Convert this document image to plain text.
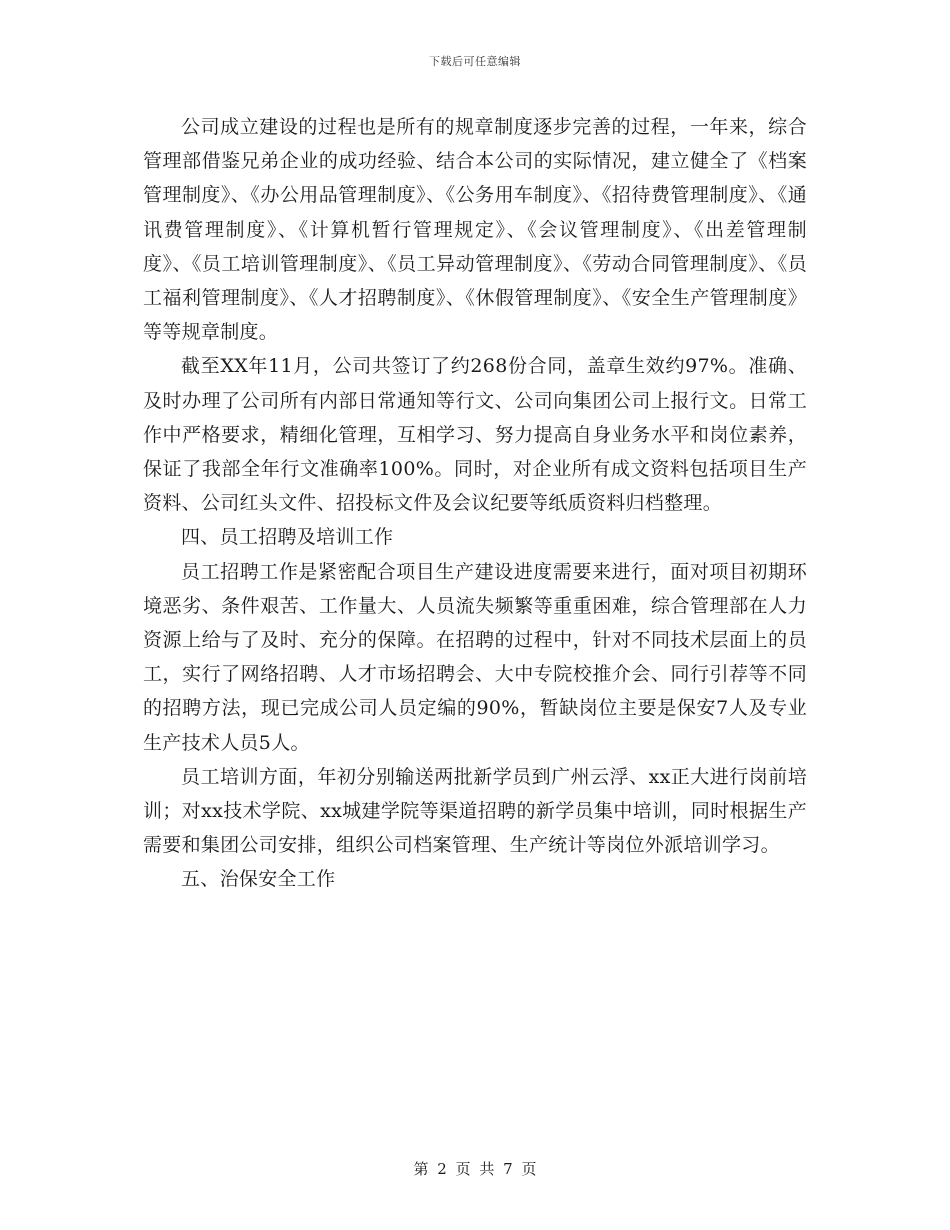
下载后可任意编辑

公司成立建设的过程也是所有的规章制度逐步完善的过程，一年来，综合管理部借鉴兄弟企业的成功经验、结合本公司的实际情况，建立健全了《档案管理制度》、《办公用品管理制度》、《公务用车制度》、《招待费管理制度》、《通讯费管理制度》、《计算机暂行管理规定》、《会议管理制度》、《出差管理制度》、《员工培训管理制度》、《员工异动管理制度》、《劳动合同管理制度》、《员工福利管理制度》、《人才招聘制度》、《休假管理制度》、《安全生产管理制度》等等规章制度。

截至XX年11月，公司共签订了约268份合同，盖章生效约97%。准确、及时办理了公司所有内部日常通知等行文、公司向集团公司上报行文。日常工作中严格要求，精细化管理，互相学习、努力提高自身业务水平和岗位素养，保证了我部全年行文准确率100%。同时，对企业所有成文资料包括项目生产资料、公司红头文件、招投标文件及会议纪要等纸质资料归档整理。

四、员工招聘及培训工作

员工招聘工作是紧密配合项目生产建设进度需要来进行，面对项目初期环境恶劣、条件艰苦、工作量大、人员流失频繁等重重困难，综合管理部在人力资源上给与了及时、充分的保障。在招聘的过程中，针对不同技术层面上的员工，实行了网络招聘、人才市场招聘会、大中专院校推介会、同行引荐等不同的招聘方法，现已完成公司人员定编的90%，暂缺岗位主要是保安7人及专业生产技术人员5人。

员工培训方面，年初分别输送两批新学员到广州云浮、xx正大进行岗前培训；对xx技术学院、xx城建学院等渠道招聘的新学员集中培训，同时根据生产需要和集团公司安排，组织公司档案管理、生产统计等岗位外派培训学习。

五、治保安全工作

第 2 页 共 7 页
